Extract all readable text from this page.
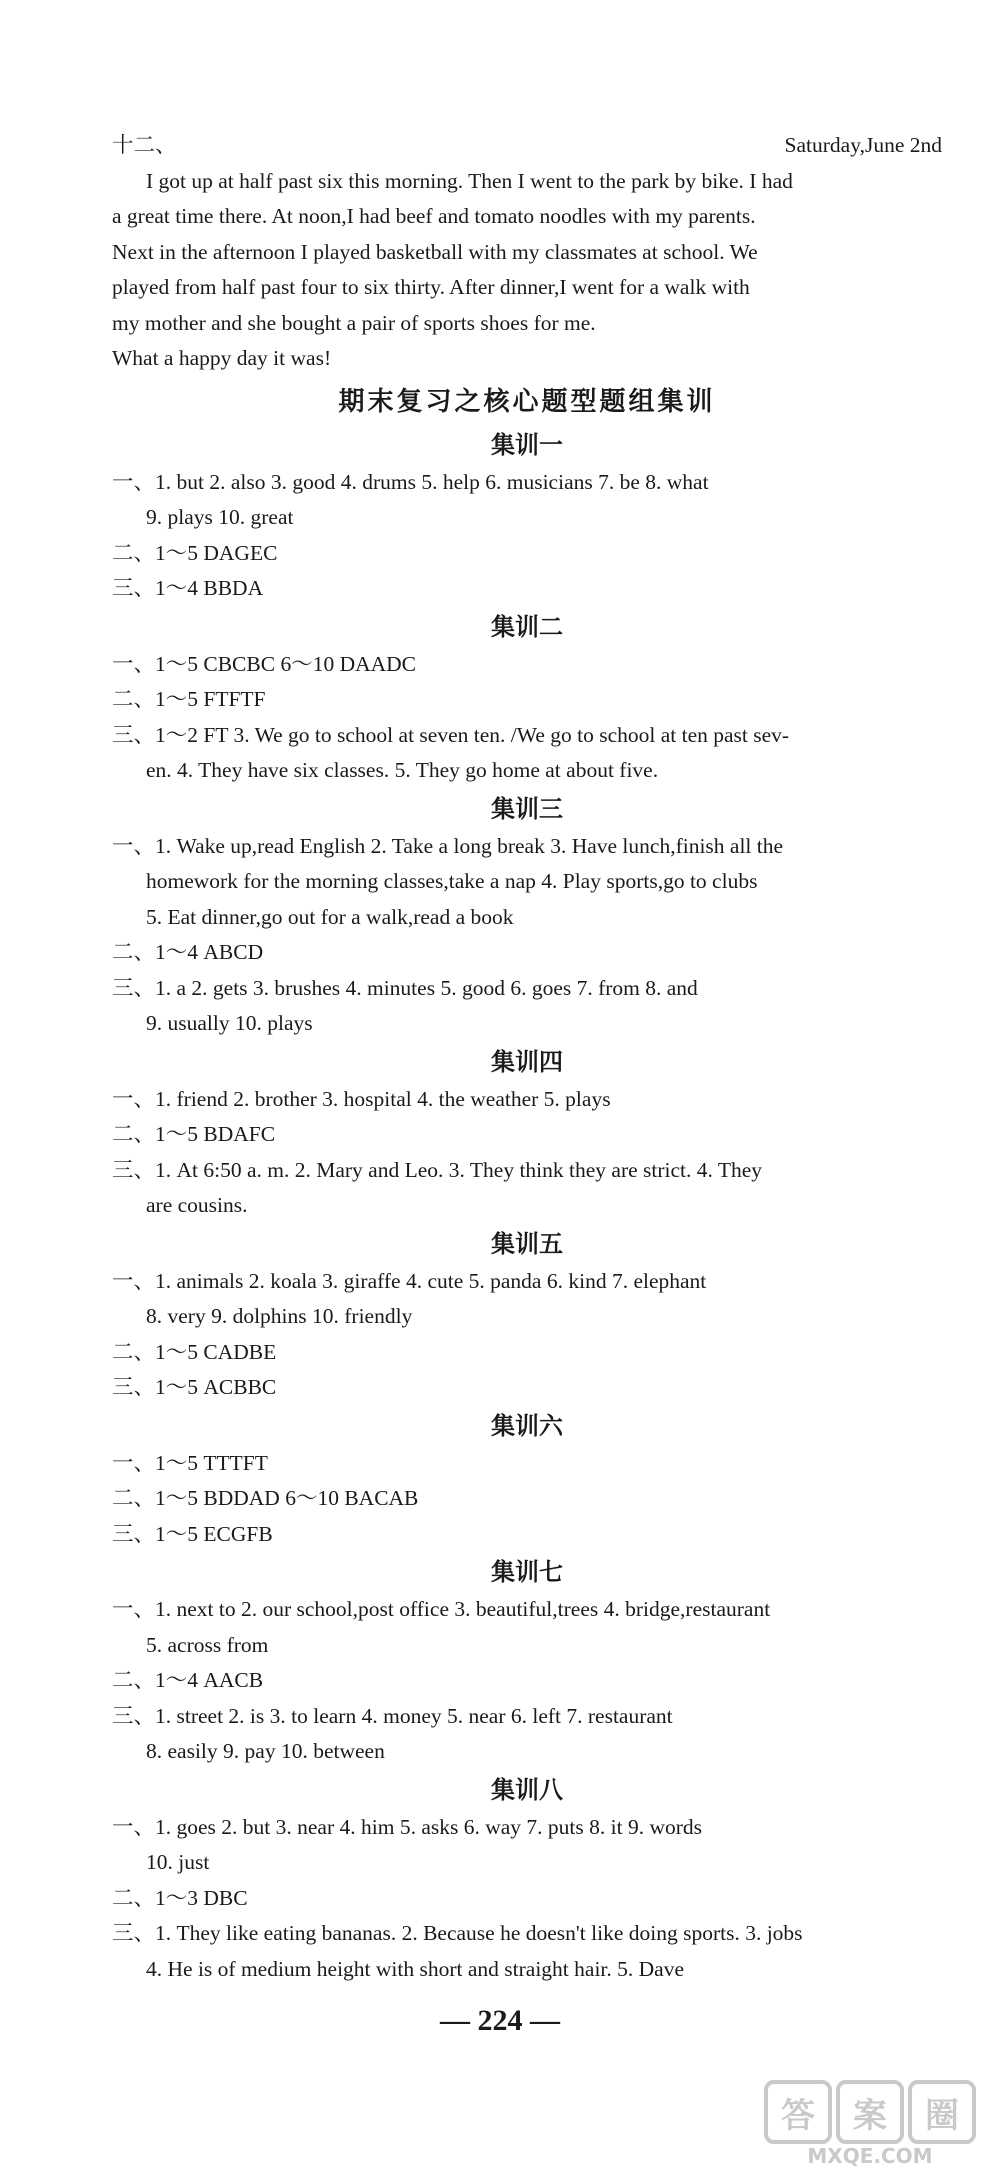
十二、	Saturday,June 2nd
I got up at half past six this morning. Then I went to the park by bike. I had
a great time there. At noon,I had beef and tomato noodles with my parents.
Next in the afternoon I played basketball with my classmates at school. We
played from half past four to six thirty. After dinner,I went for a walk with
my mother and she bought a pair of sports shoes for me.
What a happy day it was!
期末复习之核心题型题组集训
集训一
一、1. but 2. also 3. good 4. drums 5. help 6. musicians 7. be 8. what
9. plays 10. great
二、1～5 DAGEC
三、1～4 BBDA
集训二
一、1～5 CBCBC 6～10 DAADC
二、1～5 FTFTF
三、1～2 FT 3. We go to school at seven ten. /We go to school at ten past sev-
en. 4. They have six classes. 5. They go home at about five.
集训三
一、1. Wake up,read English 2. Take a long break 3. Have lunch,finish all the
homework for the morning classes,take a nap 4. Play sports,go to clubs
5. Eat dinner,go out for a walk,read a book
二、1～4 ABCD
三、1. a 2. gets 3. brushes 4. minutes 5. good 6. goes 7. from 8. and
9. usually 10. plays
集训四
一、1. friend 2. brother 3. hospital 4. the weather 5. plays
二、1～5 BDAFC
三、1. At 6:50 a. m. 2. Mary and Leo. 3. They think they are strict. 4. They
are cousins.
集训五
一、1. animals 2. koala 3. giraffe 4. cute 5. panda 6. kind 7. elephant
8. very 9. dolphins 10. friendly
二、1～5 CADBE
三、1～5 ACBBC
集训六
一、1～5 TTTFT
二、1～5 BDDAD 6～10 BACAB
三、1～5 ECGFB
集训七
一、1. next to 2. our school,post office 3. beautiful,trees 4. bridge,restaurant
5. across from
二、1～4 AACB
三、1. street 2. is 3. to learn 4. money 5. near 6. left 7. restaurant
8. easily 9. pay 10. between
集训八
一、1. goes 2. but 3. near 4. him 5. asks 6. way 7. puts 8. it 9. words
10. just
二、1～3 DBC
三、1. They like eating bananas. 2. Because he doesn't like doing sports. 3. jobs
4. He is of medium height with short and straight hair. 5. Dave
— 224 —
答	案	圈
MXQE.COM
